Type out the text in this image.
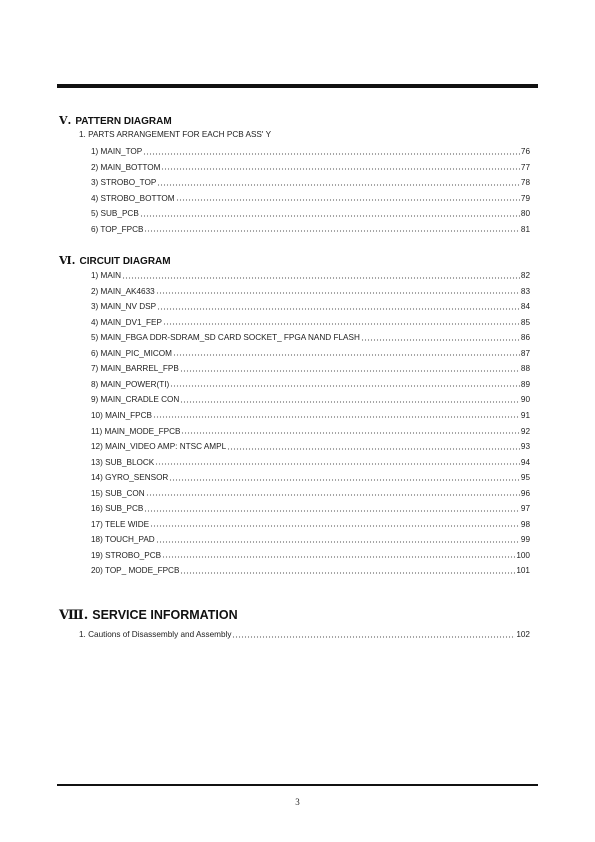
Ⅴ. PATTERN DIAGRAM
1. PARTS ARRANGEMENT FOR EACH PCB ASS' Y
1) MAIN_TOP	76
2) MAIN_BOTTOM	77
3) STROBO_TOP	78
4) STROBO_BOTTOM	79
5) SUB_PCB	80
6) TOP_FPCB	81
Ⅵ. CIRCUIT DIAGRAM
1) MAIN	82
2) MAIN_AK4633	83
3) MAIN_NV DSP	84
4) MAIN_DV1_FEP	85
5) MAIN_FBGA DDR-SDRAM_SD CARD SOCKET_ FPGA NAND FLASH	86
6) MAIN_PIC_MICOM	87
7) MAIN_BARREL_FPB	88
8) MAIN_POWER(TI)	89
9) MAIN_CRADLE CON	90
10) MAIN_FPCB	91
11) MAIN_MODE_FPCB	92
12) MAIN_VIDEO AMP: NTSC AMPL	93
13) SUB_BLOCK	94
14) GYRO_SENSOR	95
15) SUB_CON	96
16) SUB_PCB	97
17) TELE WIDE	98
18) TOUCH_PAD	99
19) STROBO_PCB	100
20) TOP_ MODE_FPCB	101
Ⅷ. SERVICE INFORMATION
1. Cautions of Disassembly and Assembly	102
3
